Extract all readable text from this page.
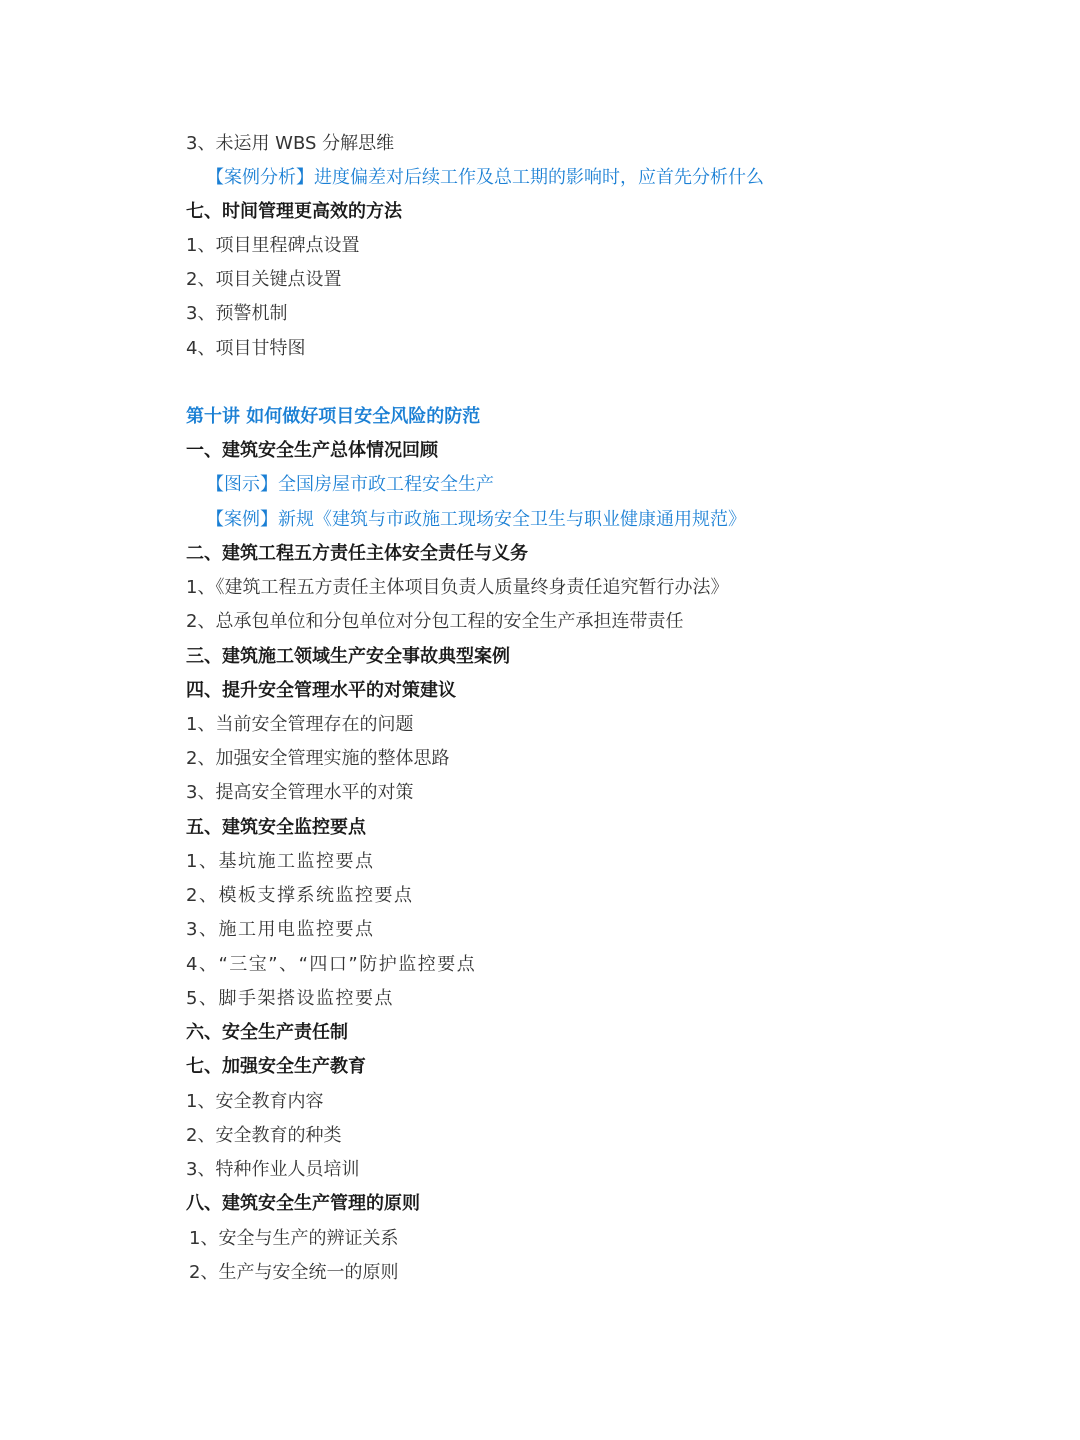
3、未运用 WBS 分解思维
【案例分析】进度偏差对后续工作及总工期的影响时，应首先分析什么
七、时间管理更高效的方法
1、项目里程碑点设置
2、项目关键点设置
3、预警机制
4、项目甘特图
第十讲 如何做好项目安全风险的防范
一、建筑安全生产总体情况回顾
【图示】全国房屋市政工程安全生产
【案例】新规《建筑与市政施工现场安全卫生与职业健康通用规范》
二、建筑工程五方责任主体安全责任与义务
1、《建筑工程五方责任主体项目负责人质量终身责任追究暂行办法》
2、总承包单位和分包单位对分包工程的安全生产承担连带责任
三、建筑施工领域生产安全事故典型案例
四、提升安全管理水平的对策建议
1、当前安全管理存在的问题
2、加强安全管理实施的整体思路
3、提高安全管理水平的对策
五、建筑安全监控要点
1、基坑施工监控要点
2、模板支撑系统监控要点
3、施工用电监控要点
4、“三宝”、“四口”防护监控要点
5、脚手架搭设监控要点
六、安全生产责任制
七、加强安全生产教育
1、安全教育内容
2、安全教育的种类
3、特种作业人员培训
八、建筑安全生产管理的原则
1、安全与生产的辨证关系
2、生产与安全统一的原则
